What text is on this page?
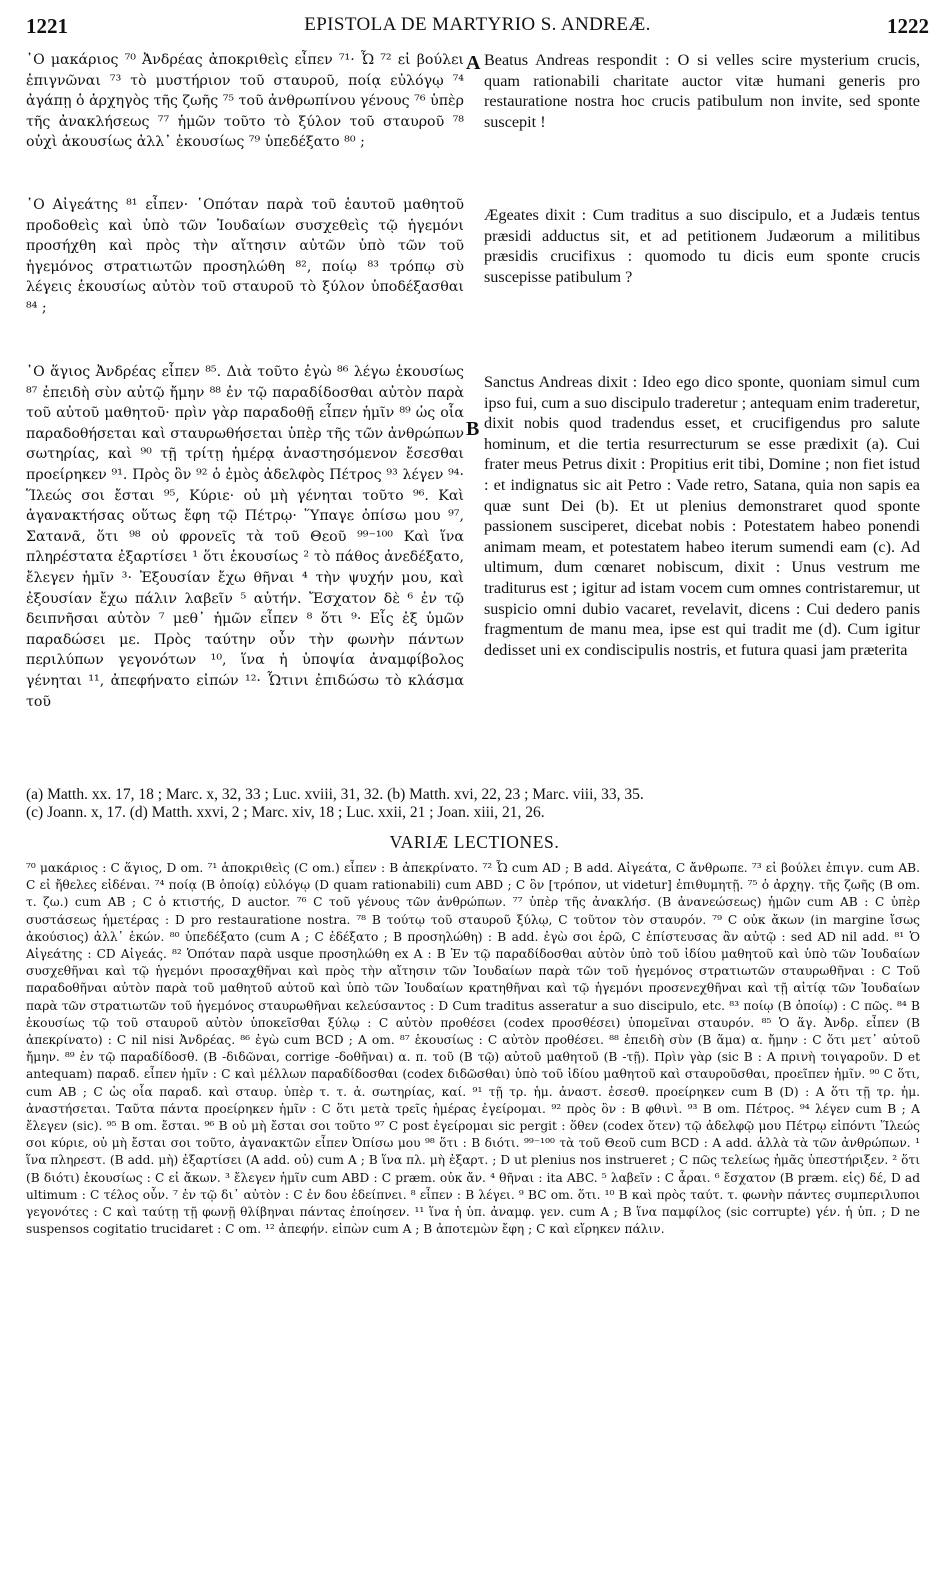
1221	EPISTOLA DE MARTYRIO S. ANDREÆ.	1222

῾Ο μακάριος ⁷⁰ Ἀνδρέας ἀποκριθεὶς εἶπεν ⁷¹· Ὦ ⁷² εἰ βούλει ἐπιγνῶναι ⁷³ τὸ μυστήριον τοῦ σταυροῦ, ποίᾳ εὐλόγῳ ⁷⁴ ἀγάπῃ ὁ ἀρχηγὸς τῆς ζωῆς ⁷⁵ τοῦ ἀνθρωπίνου γένους ⁷⁶ ὑπὲρ τῆς ἀνακλήσεως ⁷⁷ ἡμῶν τοῦτο τὸ ξύλον τοῦ σταυροῦ ⁷⁸ οὐχὶ ἀκουσίως ἀλλ᾽ ἑκουσίως ⁷⁹ ὑπεδέξατο ⁸⁰ ;

῾Ο Αἰγεάτης ⁸¹ εἶπεν· ῾Οπόταν παρὰ τοῦ ἑαυτοῦ μαθητοῦ προδοθεὶς καὶ ὑπὸ τῶν Ἰουδαίων συσχεθεὶς τῷ ἡγεμόνι προσήχθη καὶ πρὸς τὴν αἴτησιν αὐτῶν ὑπὸ τῶν τοῦ ἡγεμόνος στρατιωτῶν προσηλώθη ⁸², ποίῳ ⁸³ τρόπῳ σὺ λέγεις ἑκουσίως αὐτὸν τοῦ σταυροῦ τὸ ξύλον ὑποδέξασθαι ⁸⁴ ;

῾Ο ἅγιος Ἀνδρέας εἶπεν ⁸⁵. Διὰ τοῦτο ἐγὼ ⁸⁶ λέγω ἑκουσίως ⁸⁷ ἐπειδὴ σὺν αὐτῷ ἤμην ⁸⁸ ἐν τῷ παραδίδοσθαι αὐτὸν παρὰ τοῦ αὐτοῦ μαθητοῦ· πρὶν γὰρ παραδοθῇ εἶπεν ἡμῖν ⁸⁹ ὡς οἷα παραδοθήσεται καὶ σταυρωθήσεται ὑπὲρ τῆς τῶν ἀνθρώπων σωτηρίας, καὶ ⁹⁰ τῇ τρίτῃ ἡμέρᾳ ἀναστησόμενον ἔσεσθαι προείρηκεν ⁹¹. Πρὸς ὃν ⁹² ὁ ἐμὸς ἀδελφὸς Πέτρος ⁹³ λέγεν ⁹⁴· Ἵλεώς σοι ἔσται ⁹⁵, Κύριε· οὐ μὴ γένηται τοῦτο ⁹⁶. Καὶ ἀγανακτήσας οὕτως ἔφη τῷ Πέτρῳ· Ὕπαγε ὀπίσω μου ⁹⁷, Σατανᾶ, ὅτι ⁹⁸ οὐ φρονεῖς τὰ τοῦ Θεοῦ ⁹⁹⁻¹⁰⁰ Καὶ ἵνα πληρέστατα ἐξαρτίσει ¹ ὅτι ἑκουσίως ² τὸ πάθος ἀνεδέξατο, ἔλεγεν ἡμῖν ³· Ἐξουσίαν ἔχω θῆναι ⁴ τὴν ψυχήν μου, καὶ ἐξουσίαν ἔχω πάλιν λαβεῖν ⁵ αὐτήν. Ἔσχατον δὲ ⁶ ἐν τῷ δειπνῆσαι αὐτὸν ⁷ μεθ᾽ ἡμῶν εἶπεν ⁸ ὅτι ⁹· Εἷς ἐξ ὑμῶν παραδώσει με. Πρὸς ταύτην οὖν τὴν φωνὴν πάντων περιλύπων γεγονότων ¹⁰, ἵνα ἡ ὑποψία ἀναμφίβολος γένηται ¹¹, ἀπεφήνατο εἰπών ¹²· Ὧτινι ἐπιδώσω τὸ κλάσμα τοῦ

A
B

Beatus Andreas respondit : O si velles scire mysterium crucis, quam rationabili charitate auctor vitæ humani generis pro restauratione nostra hoc crucis patibulum non invite, sed sponte suscepit !

Ægeates dixit : Cum traditus a suo discipulo, et a Judæis tentus præsidi adductus sit, et ad petitionem Judæorum a militibus præsidis crucifixus : quomodo tu dicis eum sponte crucis suscepisse patibulum ?

Sanctus Andreas dixit : Ideo ego dico sponte, quoniam simul cum ipso fui, cum a suo discipulo traderetur ; antequam enim traderetur, dixit nobis quod tradendus esset, et crucifigendus pro salute hominum, et die tertia resurrecturum se esse prædixit (a). Cui frater meus Petrus dixit : Propitius erit tibi, Domine ; non fiet istud : et indignatus sic ait Petro : Vade retro, Satana, quia non sapis ea quæ sunt Dei (b). Et ut plenius demonstraret quod sponte passionem susciperet, dicebat nobis : Potestatem habeo ponendi animam meam, et potestatem habeo iterum sumendi eam (c). Ad ultimum, dum cœnaret nobiscum, dixit : Unus vestrum me traditurus est ; igitur ad istam vocem cum omnes contristaremur, ut suspicio omni dubio vacaret, revelavit, dicens : Cui dedero panis fragmentum de manu mea, ipse est qui tradit me (d). Cum igitur dedisset uni ex condiscipulis nostris, et futura quasi jam præterita

(a) Matth. xx. 17, 18 ; Marc. x, 32, 33 ; Luc. xviii, 31, 32. (b) Matth. xvi, 22, 23 ; Marc. viii, 33, 35.

(c) Joann. x, 17. (d) Matth. xxvi, 2 ; Marc. xiv, 18 ; Luc. xxii, 21 ; Joan. xiii, 21, 26.

VARIÆ LECTIONES.

⁷⁰ μακάριος : C ἅγιος, D om. ⁷¹ ἀποκριθεὶς (C om.) εἶπεν : B ἀπεκρίνατο. ⁷² Ὦ cum AD ; B add. Αἰγεάτα, C ἄνθρωπε. ⁷³ εἰ βούλει ἐπιγν. cum AB. C εἰ ἤθελες εἰδέναι. ⁷⁴ ποίᾳ (B ὁποίᾳ) εὐλόγῳ (D quam rationabili) cum ABD ; C ὃν [τρόπον, ut videtur] ἐπιθυμητῇ. ⁷⁵ ὁ ἀρχηγ. τῆς ζωῆς (B om. τ. ζω.) cum AB ; C ὁ κτιστής, D auctor. ⁷⁶ C τοῦ γένους τῶν ἀνθρώπων. ⁷⁷ ὑπὲρ τῆς ἀνακλήσ. (B ἀνανεώσεως) ἡμῶν cum AB : C ὑπὲρ συστάσεως ἡμετέρας : D pro restauratione nostra. ⁷⁸ B τούτῳ τοῦ σταυροῦ ξύλῳ, C τοῦτον τὸν σταυρόν. ⁷⁹ C οὐκ ἄκων (in margine ἴσως ἀκούσιος) ἀλλ᾽ ἑκών. ⁸⁰ ὑπεδέξατο (cum A ; C ἐδέξατο ; B προσηλώθη) : B add. ἐγὼ σοι ἐρῶ, C ἐπίστευσας ἂν αὐτῷ : sed AD nil add. ⁸¹ Ὁ Αἰγεάτης : CD Αἰγεάς. ⁸² Ὁπόταν παρὰ usque προσηλώθη ex A : B Ἐν τῷ παραδίδοσθαι αὐτὸν ὑπὸ τοῦ ἰδίου μαθητοῦ καὶ ὑπὸ τῶν Ἰουδαίων συσχεθῆναι καὶ τῷ ἡγεμόνι προσαχθῆναι καὶ πρὸς τὴν αἴτησιν τῶν Ἰουδαίων παρὰ τῶν τοῦ ἡγεμόνος στρατιωτῶν σταυρωθῆναι : C Τοῦ παραδοθῆναι αὐτὸν παρὰ τοῦ μαθητοῦ αὐτοῦ καὶ ὑπὸ τῶν Ἰουδαίων κρατηθῆναι καὶ τῷ ἡγεμόνι προσενεχθῆναι καὶ τῇ αἰτίᾳ τῶν Ἰουδαίων παρὰ τῶν στρατιωτῶν τοῦ ἡγεμόνος σταυρωθῆναι κελεύσαντος : D Cum traditus asseratur a suo discipulo, etc. ⁸³ ποίῳ (B ὁποίῳ) : C πῶς. ⁸⁴ B ἑκουσίως τῷ τοῦ σταυροῦ αὐτὸν ὑποκεῖσθαι ξύλῳ : C αὐτὸν προθέσει (codex προσθέσει) ὑπομεῖναι σταυρόν. ⁸⁵ Ὁ ἅγ. Ἀνδρ. εἶπεν (B ἀπεκρίνατο) : C nil nisi Ἀνδρέας. ⁸⁶ ἐγὼ cum BCD ; A om. ⁸⁷ ἑκουσίως : C αὐτὸν προθέσει. ⁸⁸ ἐπειδὴ σὺν (B ἅμα) α. ἤμην : C ὅτι μετ᾽ αὐτοῦ ἤμην. ⁸⁹ ἐν τῷ παραδίδοσθ. (B -διδῶναι, corrige -δοθῆναι) α. π. τοῦ (B τῷ) αὐτοῦ μαθητοῦ (B -τῇ). Πρὶν γὰρ (sic B : A πρινὴ τοιγαροῦν. D et antequam) παραδ. εἶπεν ἡμῖν : C καὶ μέλλων παραδίδοσθαι (codex διδῶσθαι) ὑπὸ τοῦ ἰδίου μαθητοῦ καὶ σταυροῦσθαι, προεῖπεν ἡμῖν. ⁹⁰ C ὅτι, cum AB ; C ὡς οἷα παραδ. καὶ σταυρ. ὑπὲρ τ. τ. ἀ. σωτηρίας, καί. ⁹¹ τῇ τρ. ἡμ. ἀναστ. ἐσεσθ. προείρηκεν cum B (D) : A ὅτι τῇ τρ. ἡμ. ἀναστήσεται. Ταῦτα πάντα προείρηκεν ἡμῖν : C ὅτι μετὰ τρεῖς ἡμέρας ἐγείρομαι. ⁹² πρὸς ὃν : B φθινὶ. ⁹³ B om. Πέτρος. ⁹⁴ λέγεν cum B ; A ἔλεγεν (sic). ⁹⁵ B om. ἔσται. ⁹⁶ B οὐ μὴ ἔσται σοι τοῦτο ⁹⁷ C post ἐγείρομαι sic pergit : ὅθεν (codex ὅτεν) τῷ ἀδελφῷ μου Πέτρῳ εἰπόντι Ἵλεώς σοι κύριε, οὐ μὴ ἔσται σοι τοῦτο, ἀγανακτῶν εἶπεν Ὀπίσω μου ⁹⁸ ὅτι : B διότι. ⁹⁹⁻¹⁰⁰ τὰ τοῦ Θεοῦ cum BCD : A add. ἀλλὰ τὰ τῶν ἀνθρώπων. ¹ ἵνα πληρεστ. (B add. μὴ) ἐξαρτίσει (A add. οὐ) cum A ; B ἵνα πλ. μὴ ἐξαρτ. ; D ut plenius nos instrueret ; C πῶς τελείως ἡμᾶς ὑπεστήριξεν. ² ὅτι (B διότι) ἑκουσίως : C εἰ ἄκων. ³ ἔλεγεν ἡμῖν cum ABD : C præm. οὐκ ἄν. ⁴ θῆναι : ita ABC. ⁵ λαβεῖν : C ἆραι. ⁶ ἔσχατον (B præm. εἰς) δέ, D ad ultimum : C τέλος οὖν. ⁷ ἐν τῷ δι᾽ αὐτὸν : C ἐν δου ἐδείπνει. ⁸ εἶπεν : B λέγει. ⁹ BC om. ὅτι. ¹⁰ B καὶ πρὸς ταύτ. τ. φωνὴν πάντες συμπεριλυποι γεγονότες : C καὶ ταύτῃ τῇ φωνῇ θλίβηναι πάντας ἐποίησεν. ¹¹ ἵνα ἡ ὑπ. ἀναμφ. γεν. cum A ; B ἵνα παμφίλος (sic corrupte) γέν. ἡ ὑπ. ; D ne suspensos cogitatio trucidaret : C om. ¹² ἀπεφήν. εἰπὼν cum A ; B ἀποτεμὼν ἔφη ; C καὶ εἴρηκεν πάλιν.
